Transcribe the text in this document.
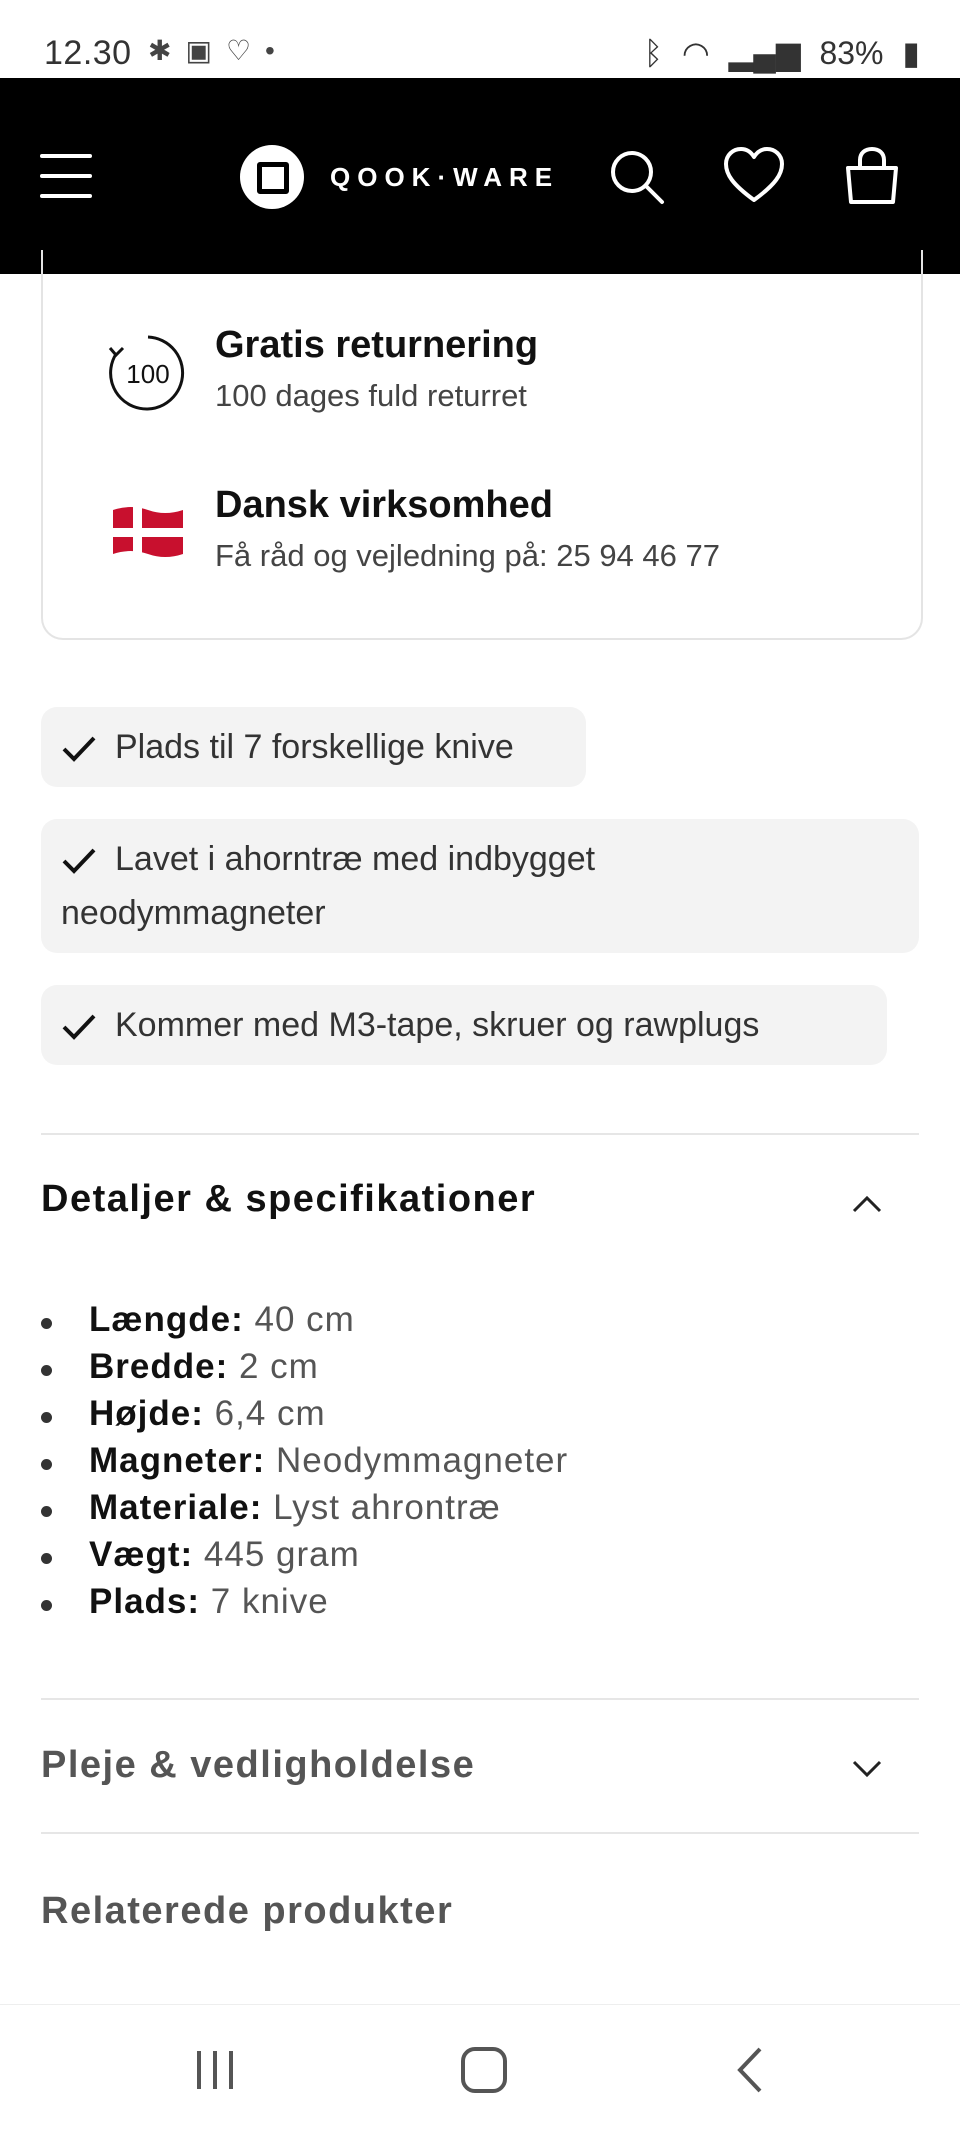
12.30 ✱ ▣ ♡ •	ᛒ ◠ ▂▄▆ 83% ▮
QOOK·WARE
100
Gratis returnering
100 dages fuld returret
Dansk virksomhed
Få råd og vejledning på: 25 94 46 77
Plads til 7 forskellige knive
Lavet i ahorntræ med indbygget
neodymmagneter
Kommer med M3-tape, skruer og rawplugs
Detaljer & specifikationer
Længde: 40 cm
Bredde: 2 cm
Højde: 6,4 cm
Magneter: Neodymmagneter
Materiale: Lyst ahrontræ
Vægt: 445 gram
Plads: 7 knive
Pleje & vedligholdelse
Relaterede produkter
